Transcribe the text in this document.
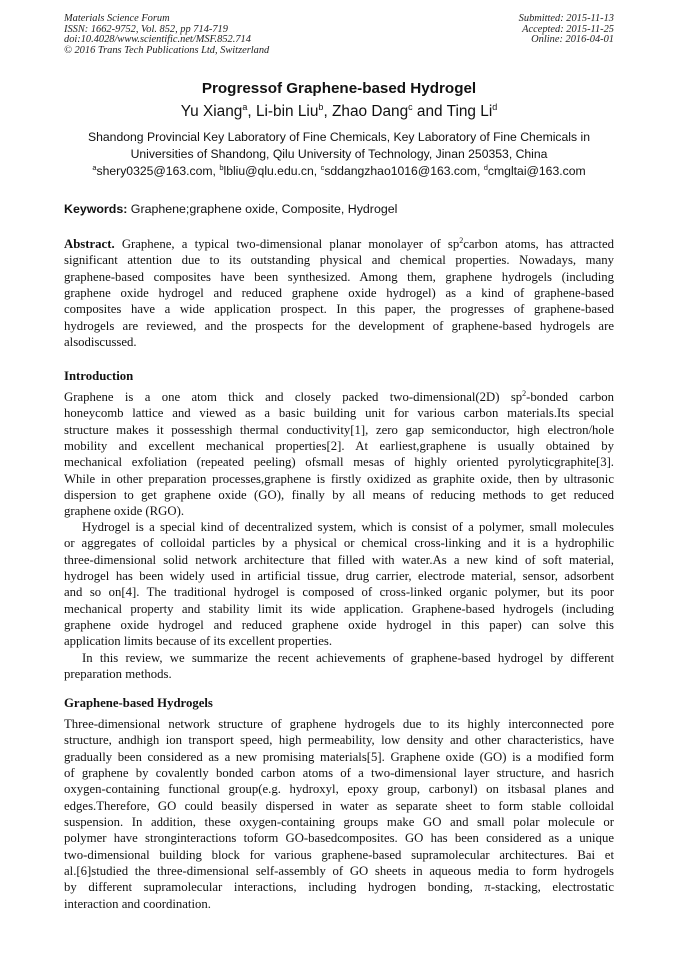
Materials Science Forum
ISSN: 1662-9752, Vol. 852, pp 714-719
doi:10.4028/www.scientific.net/MSF.852.714
© 2016 Trans Tech Publications Ltd, Switzerland
Submitted: 2015-11-13
Accepted: 2015-11-25
Online: 2016-04-01
Progressof Graphene-based Hydrogel
Yu Xiang$^a$, Li-bin Liu$^b$, Zhao Dang$^c$ and Ting Li$^d$
Shandong Provincial Key Laboratory of Fine Chemicals, Key Laboratory of Fine Chemicals in
Universities of Shandong, Qilu University of Technology, Jinan 250353, China
$^a$shery0325@163.com, $^b$lbliu@qlu.edu.cn, $^c$sddangzhao1016@163.com, $^d$cmgltai@163.com
Keywords: Graphene;graphene oxide, Composite, Hydrogel
Abstract. Graphene, a typical two-dimensional planar monolayer of $sp^2carbon$ atoms, has attracted
significant attention due to its outstanding physical and chemical properties. Nowadays, many
graphene-based composites have been synthesized. Among them, graphene hydrogels (including
graphene oxide hydrogel and reduced graphene oxide hydrogel) as a kind of graphene-based
composites have a wide application prospect. In this paper, the progresses of graphene-based
hydrogels are reviewed, and the prospects for the development of graphene-based hydrogels are
alsodiscussed.
Introduction
Graphene is a one atom thick and closely packed two-dimensional(2D) $sp^2$-bonded carbon
honeycomb lattice and viewed as a basic building unit for various carbon materials.Its special
structure makes it possesshigh thermal conductivity[1], zero gap semiconductor, high electron/hole
mobility and excellent mechanical properties[2]. At earliest,graphene is usually obtained by
mechanical exfoliation (repeated peeling) ofsmall mesas of highly oriented pyrolyticgraphite[3].
While in other preparation processes,graphene is firstly oxidized as graphite oxide, then by ultrasonic
dispersion to get graphene oxide (GO), finally by all means of reducing methods to get reduced
graphene oxide (RGO).
Hydrogel is a special kind of decentralized system, which is consist of a polymer, small molecules
or aggregates of colloidal particles by a physical or chemical cross-linking and it is a hydrophilic
three-dimensional solid network architecture that filled with water.As a new kind of soft material,
hydrogel has been widely used in artificial tissue, drug carrier, electrode material, sensor, adsorbent
and so on[4]. The traditional hydrogel is composed of cross-linked organic polymer, but its poor
mechanical property and stability limit its wide application. Graphene-based hydrogels (including
graphene oxide hydrogel and reduced graphene oxide hydrogel in this paper) can solve this
application limits because of its excellent properties.
In this review, we summarize the recent achievements of graphene-based hydrogel by different
preparation methods.
Graphene-based Hydrogels
Three-dimensional network structure of graphene hydrogels due to its highly interconnected pore
structure, andhigh ion transport speed, high permeability, low density and other characteristics, have
gradually been considered as a new promising materials[5]. Graphene oxide (GO) is a modified form
of graphene by covalently bonded carbon atoms of a two-dimensional layer structure, and hasrich
oxygen-containing functional group(e.g. hydroxyl, epoxy group, carbonyl) on itsbasal planes and
edges.Therefore, GO could beasily dispersed in water as separate sheet to form stable colloidal
suspension. In addition, these oxygen-containing groups make GO and small polar molecule or
polymer have stronginteractions toform GO-basedcomposites. GO has been considered as a unique
two-dimensional building block for various graphene-based supramolecular architectures. Bai et
al.[6]studied the three-dimensional self-assembly of GO sheets in aqueous media to form hydrogels
by different supramolecular interactions, including hydrogen bonding, π-stacking, electrostatic
interaction and coordination.
